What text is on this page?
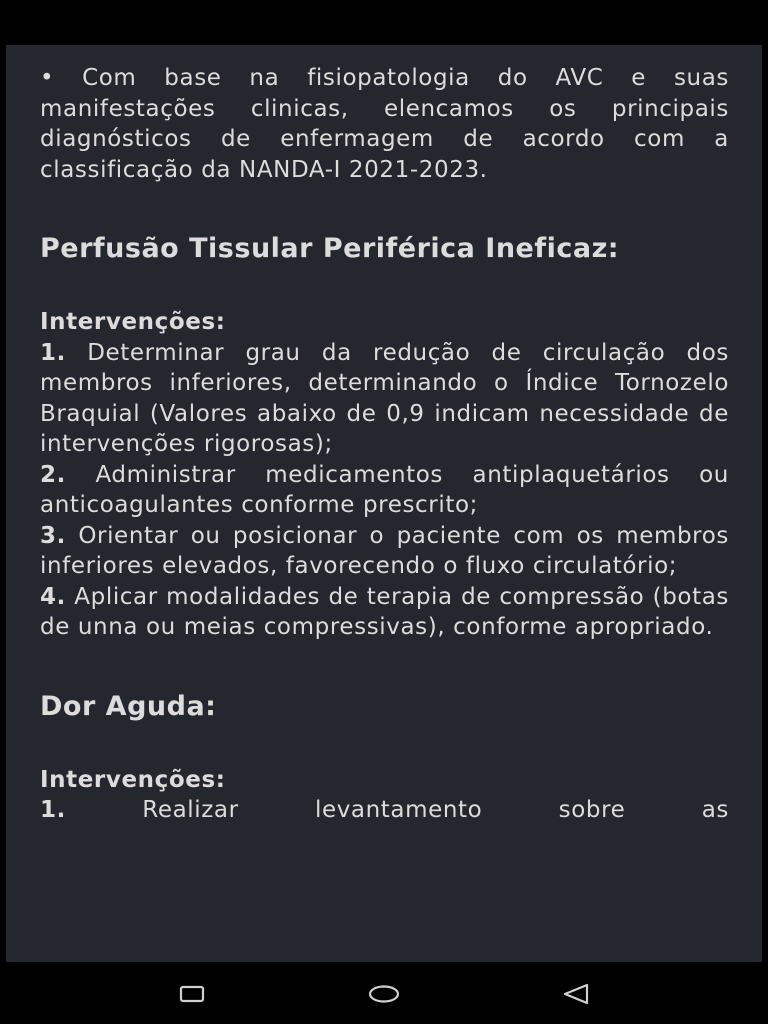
• Com base na fisiopatologia do AVC e suas manifestações clinicas, elencamos os principais diagnósticos de enfermagem de acordo com a classificação da NANDA-I 2021-2023.

Perfusão Tissular Periférica Ineficaz:
Intervenções:

1. Determinar grau da redução de circulação dos membros inferiores, determinando o Índice Tornozelo Braquial (Valores abaixo de 0,9 indicam necessidade de intervenções rigorosas);

2. Administrar medicamentos antiplaquetários ou anticoagulantes conforme prescrito;

3. Orientar ou posicionar o paciente com os membros inferiores elevados, favorecendo o fluxo circulatório;

4. Aplicar modalidades de terapia de compressão (botas de unna ou meias compressivas), conforme apropriado.

Dor Aguda:
Intervenções:

1.	Realizar levantamento sobre as
